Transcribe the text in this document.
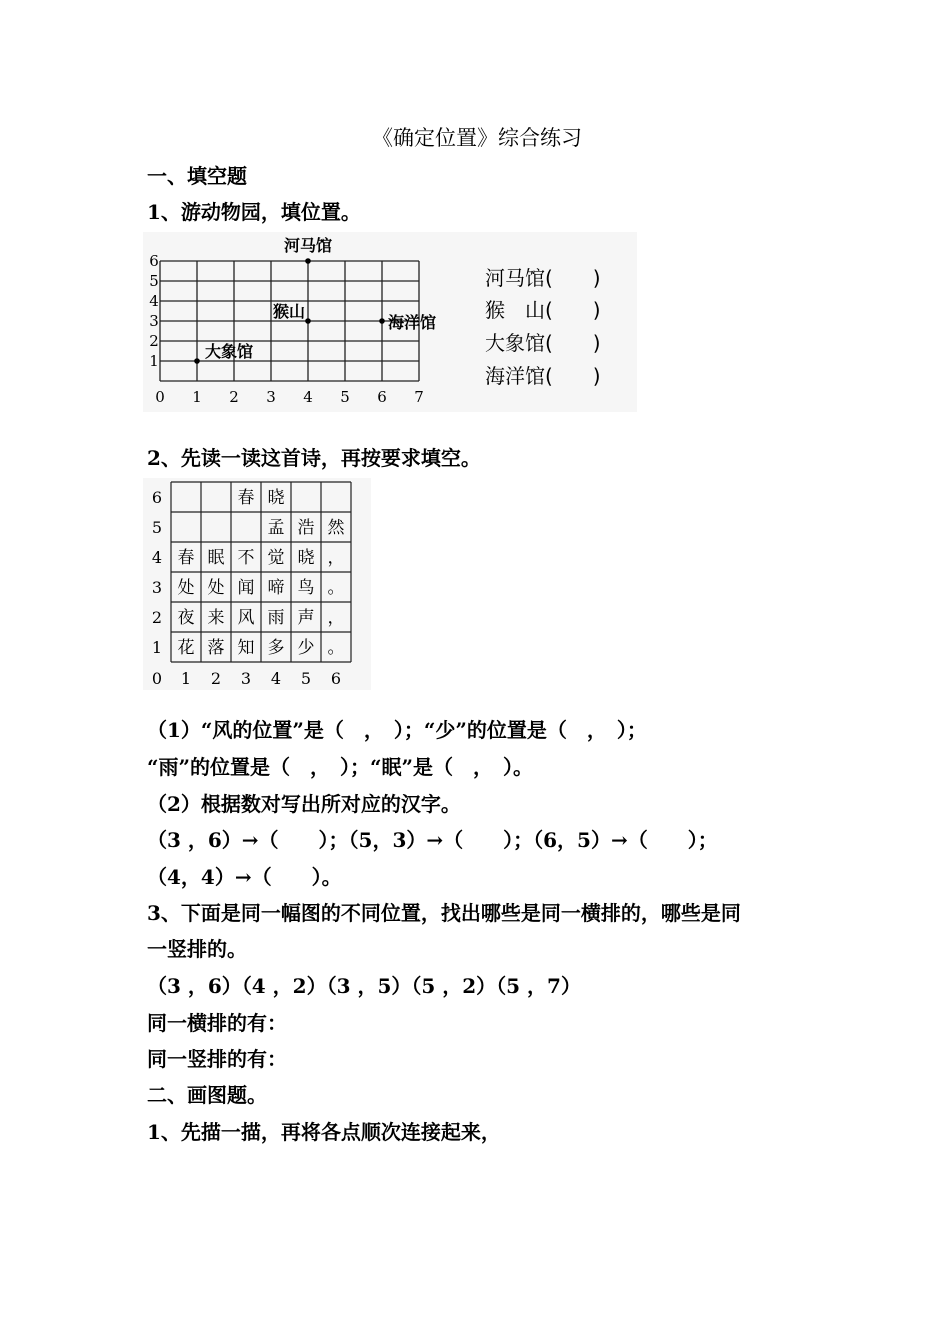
《确定位置》综合练习
一、填空题
1、游动物园，填位置。
0 1 2 3 4 5 6 7
1
2
3
4
5
6
河马馆
猴山
海洋馆
大象馆
河马馆(　　)
猴　山(　　)
大象馆(　　)
海洋馆(　　)
2、先读一读这首诗，再按要求填空。
6	春 晓
5	孟 浩 然
4 春 眠 不 觉 晓 ，
3 处 处 闻 啼 鸟 。
2 夜 来 风 雨 声 ，
1 花 落 知 多 少 。
0 1 2 3 4 5 6
（1）“风的位置”是（　，　）；“少”的位置是（　，　）；
“雨”的位置是（　，　）；“眠”是（　，　）。
（2）根据数对写出所对应的汉字。
（3 ，6）→（　　）；（5，3）→（　　）；（6，5）→（　　）；
（4，4）→（　　）。
3、下面是同一幅图的不同位置，找出哪些是同一横排的，哪些是同
一竖排的。
（3 ，6）（4 ，2）（3 ，5）（5 ，2）（5 ，7）
同一横排的有：
同一竖排的有：
二、画图题。
1、先描一描，再将各点顺次连接起来，
